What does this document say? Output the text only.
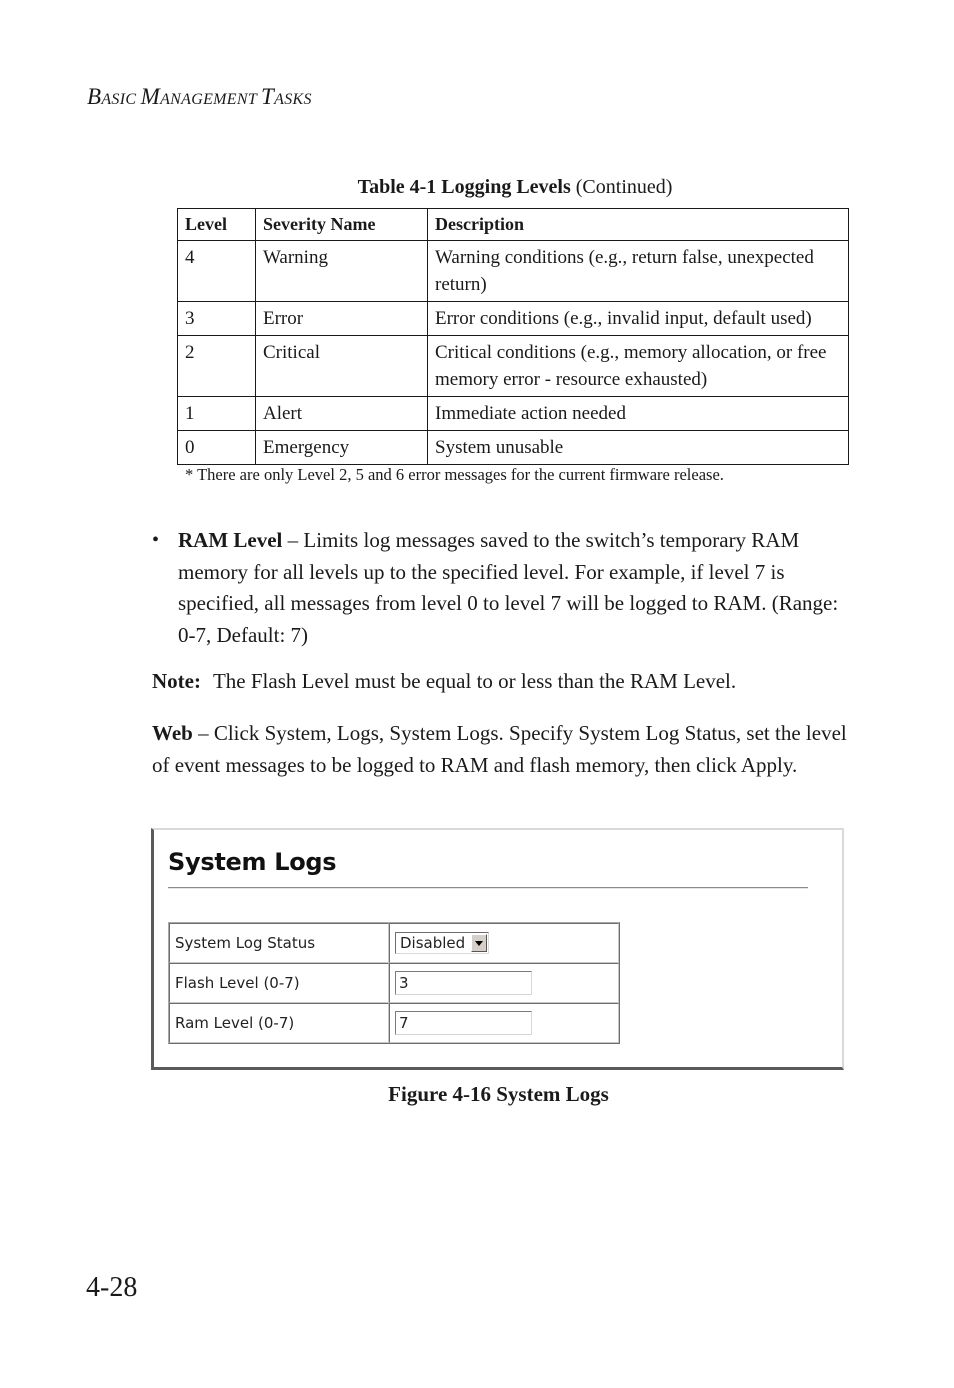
BASIC MANAGEMENT TASKS
Table 4-1 Logging Levels (Continued)
Level	Severity Name	Description
4	Warning	Warning conditions (e.g., return false, unexpected return)
3	Error	Error conditions (e.g., invalid input, default used)
2	Critical	Critical conditions (e.g., memory allocation, or free memory error - resource exhausted)
1	Alert	Immediate action needed
0	Emergency	System unusable
* There are only Level 2, 5 and 6 error messages for the current firmware release.
• RAM Level – Limits log messages saved to the switch’s temporary RAM memory for all levels up to the specified level. For example, if level 7 is specified, all messages from level 0 to level 7 will be logged to RAM. (Range: 0-7, Default: 7)
Note: The Flash Level must be equal to or less than the RAM Level.
Web – Click System, Logs, System Logs. Specify System Log Status, set the level of event messages to be logged to RAM and flash memory, then click Apply.
System Logs
System Log Status	Disabled

Flash Level (0-7)	3
Ram Level (0-7)	7
Figure 4-16 System Logs
4-28
